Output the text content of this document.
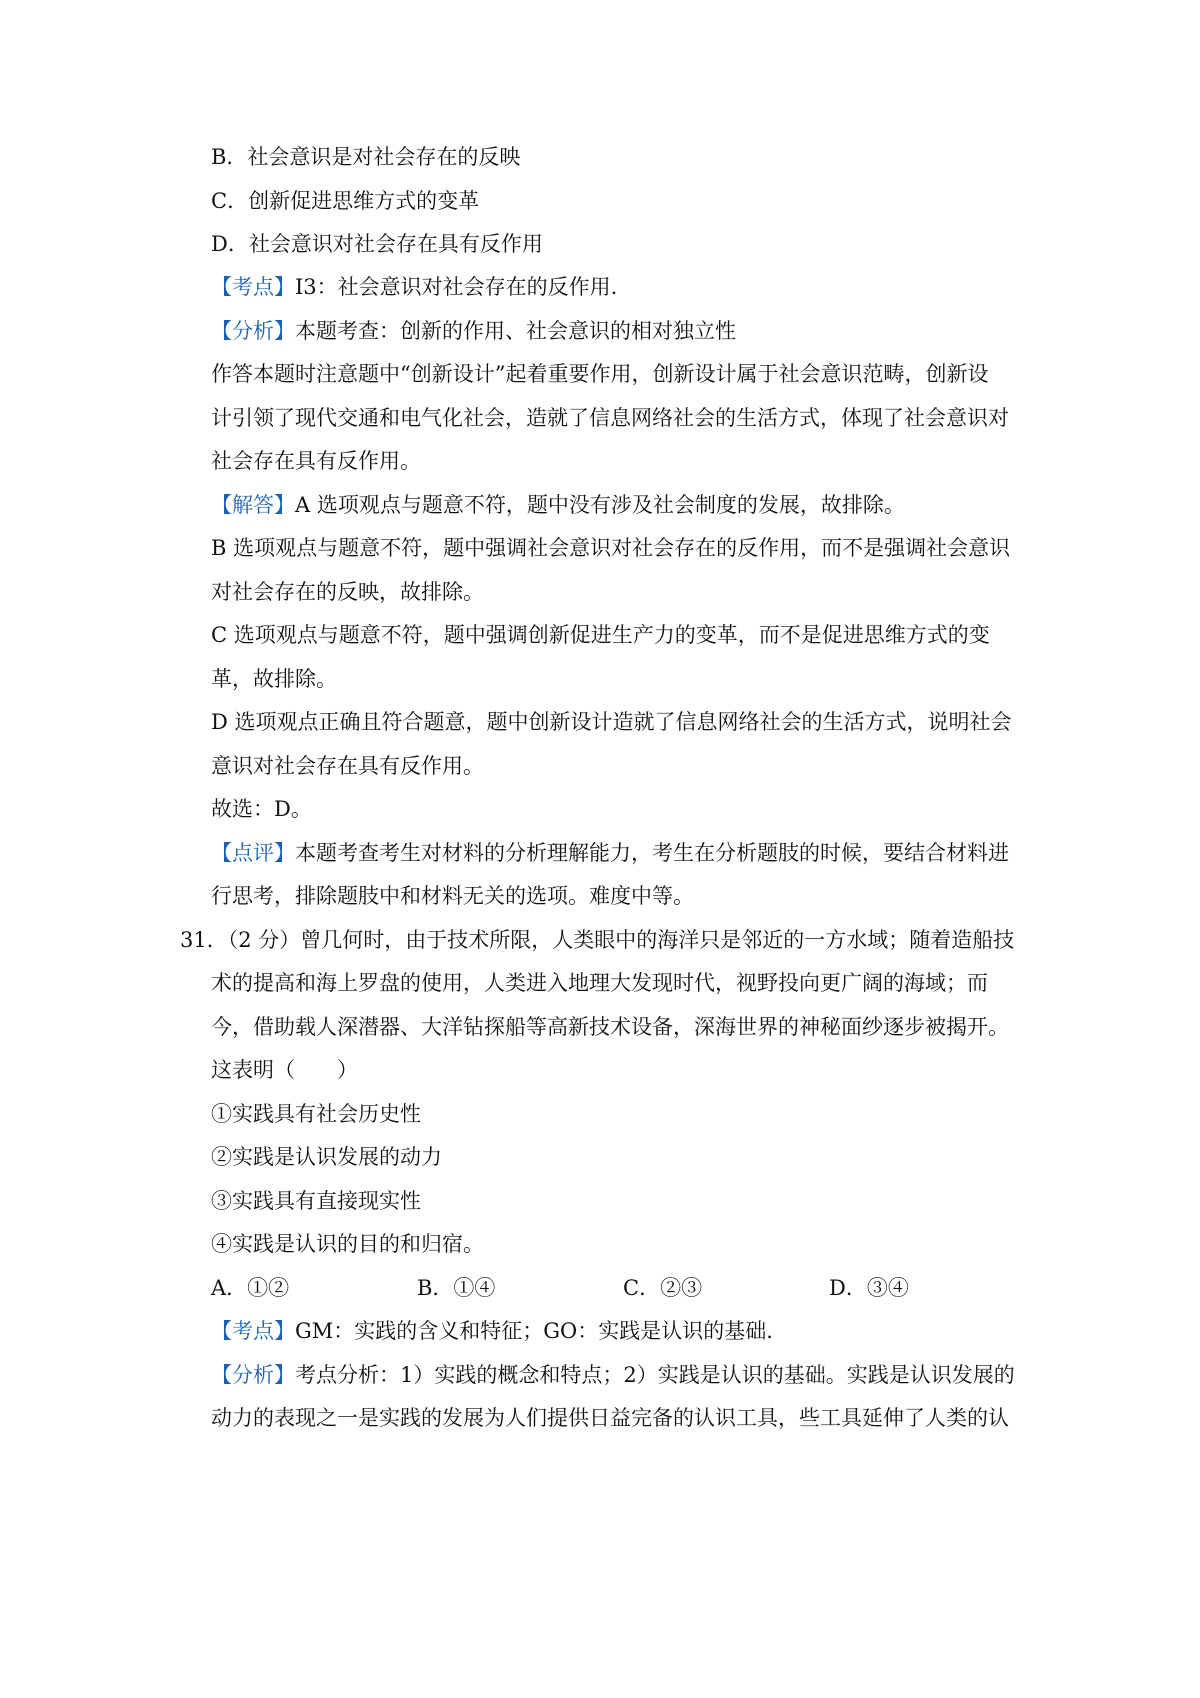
B．社会意识是对社会存在的反映
C．创新促进思维方式的变革
D．社会意识对社会存在具有反作用
【考点】I3：社会意识对社会存在的反作用.
【分析】本题考查：创新的作用、社会意识的相对独立性
作答本题时注意题中“创新设计”起着重要作用，创新设计属于社会意识范畴，创新设
计引领了现代交通和电气化社会，造就了信息网络社会的生活方式，体现了社会意识对
社会存在具有反作用。
【解答】A 选项观点与题意不符，题中没有涉及社会制度的发展，故排除。
B 选项观点与题意不符，题中强调社会意识对社会存在的反作用，而不是强调社会意识
对社会存在的反映，故排除。
C 选项观点与题意不符，题中强调创新促进生产力的变革，而不是促进思维方式的变
革，故排除。
D 选项观点正确且符合题意，题中创新设计造就了信息网络社会的生活方式，说明社会
意识对社会存在具有反作用。
故选：D。
【点评】本题考查考生对材料的分析理解能力，考生在分析题肢的时候，要结合材料进
行思考，排除题肢中和材料无关的选项。难度中等。
31．（2 分）曾几何时，由于技术所限，人类眼中的海洋只是邻近的一方水域；随着造船技
术的提高和海上罗盘的使用，人类进入地理大发现时代，视野投向更广阔的海域；而
今，借助载人深潜器、大洋钻探船等高新技术设备，深海世界的神秘面纱逐步被揭开。
这表明（　　）
①实践具有社会历史性
②实践是认识发展的动力
③实践具有直接现实性
④实践是认识的目的和归宿。
A．①②	B．①④	C．②③	D．③④
【考点】GM：实践的含义和特征；GO：实践是认识的基础.
【分析】考点分析：1）实践的概念和特点；2）实践是认识的基础。实践是认识发展的
动力的表现之一是实践的发展为人们提供日益完备的认识工具，些工具延伸了人类的认
